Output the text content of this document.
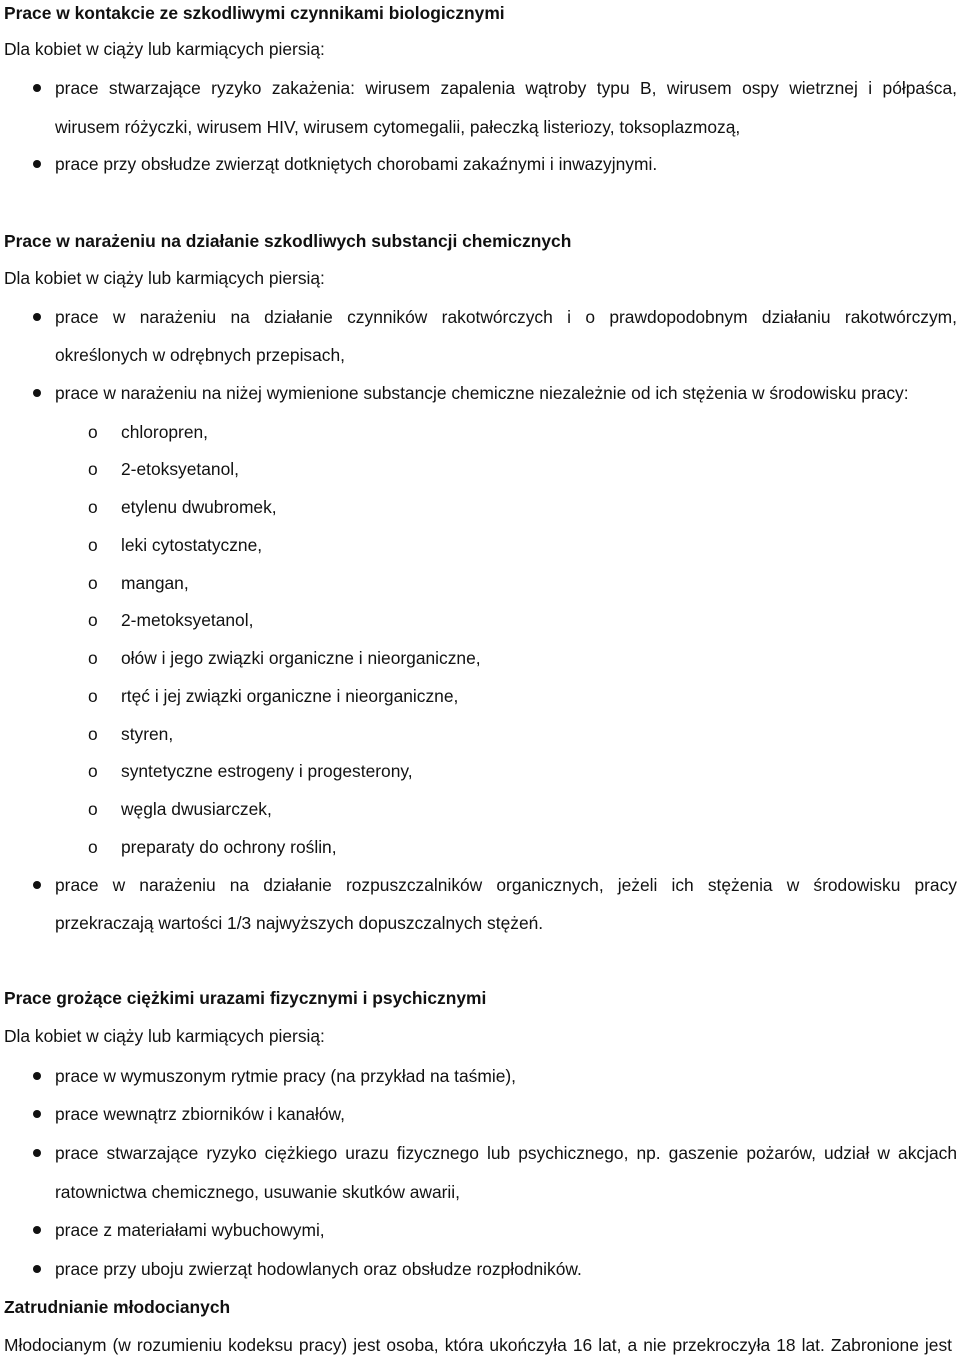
Prace w kontakcie ze szkodliwymi czynnikami biologicznymi
Dla kobiet w ciąży lub karmiących piersią:
prace stwarzające ryzyko zakażenia: wirusem zapalenia wątroby typu B, wirusem ospy wietrznej i półpaśca,
wirusem różyczki, wirusem HIV, wirusem cytomegalii, pałeczką listeriozy, toksoplazmozą,
prace przy obsłudze zwierząt dotkniętych chorobami zakaźnymi i inwazyjnymi.
Prace w narażeniu na działanie szkodliwych substancji chemicznych
Dla kobiet w ciąży lub karmiących piersią:
prace w narażeniu na działanie czynników rakotwórczych i o prawdopodobnym działaniu rakotwórczym,
określonych w odrębnych przepisach,
prace w narażeniu na niżej wymienione substancje chemiczne niezależnie od ich stężenia w środowisku pracy:
o chloropren,
o 2-etoksyetanol,
o etylenu dwubromek,
o leki cytostatyczne,
o mangan,
o 2-metoksyetanol,
o ołów i jego związki organiczne i nieorganiczne,
o rtęć i jej związki organiczne i nieorganiczne,
o styren,
o syntetyczne estrogeny i progesterony,
o węgla dwusiarczek,
o preparaty do ochrony roślin,
prace w narażeniu na działanie rozpuszczalników organicznych, jeżeli ich stężenia w środowisku pracy
przekraczają wartości 1/3 najwyższych dopuszczalnych stężeń.
Prace grożące ciężkimi urazami fizycznymi i psychicznymi
Dla kobiet w ciąży lub karmiących piersią:
prace w wymuszonym rytmie pracy (na przykład na taśmie),
prace wewnątrz zbiorników i kanałów,
prace stwarzające ryzyko ciężkiego urazu fizycznego lub psychicznego, np. gaszenie pożarów, udział w akcjach
ratownictwa chemicznego, usuwanie skutków awarii,
prace z materiałami wybuchowymi,
prace przy uboju zwierząt hodowlanych oraz obsłudze rozpłodników.
Zatrudnianie młodocianych
Młodocianym (w rozumieniu kodeksu pracy) jest osoba, która ukończyła 16 lat, a nie przekroczyła 18 lat. Zabronione jest
